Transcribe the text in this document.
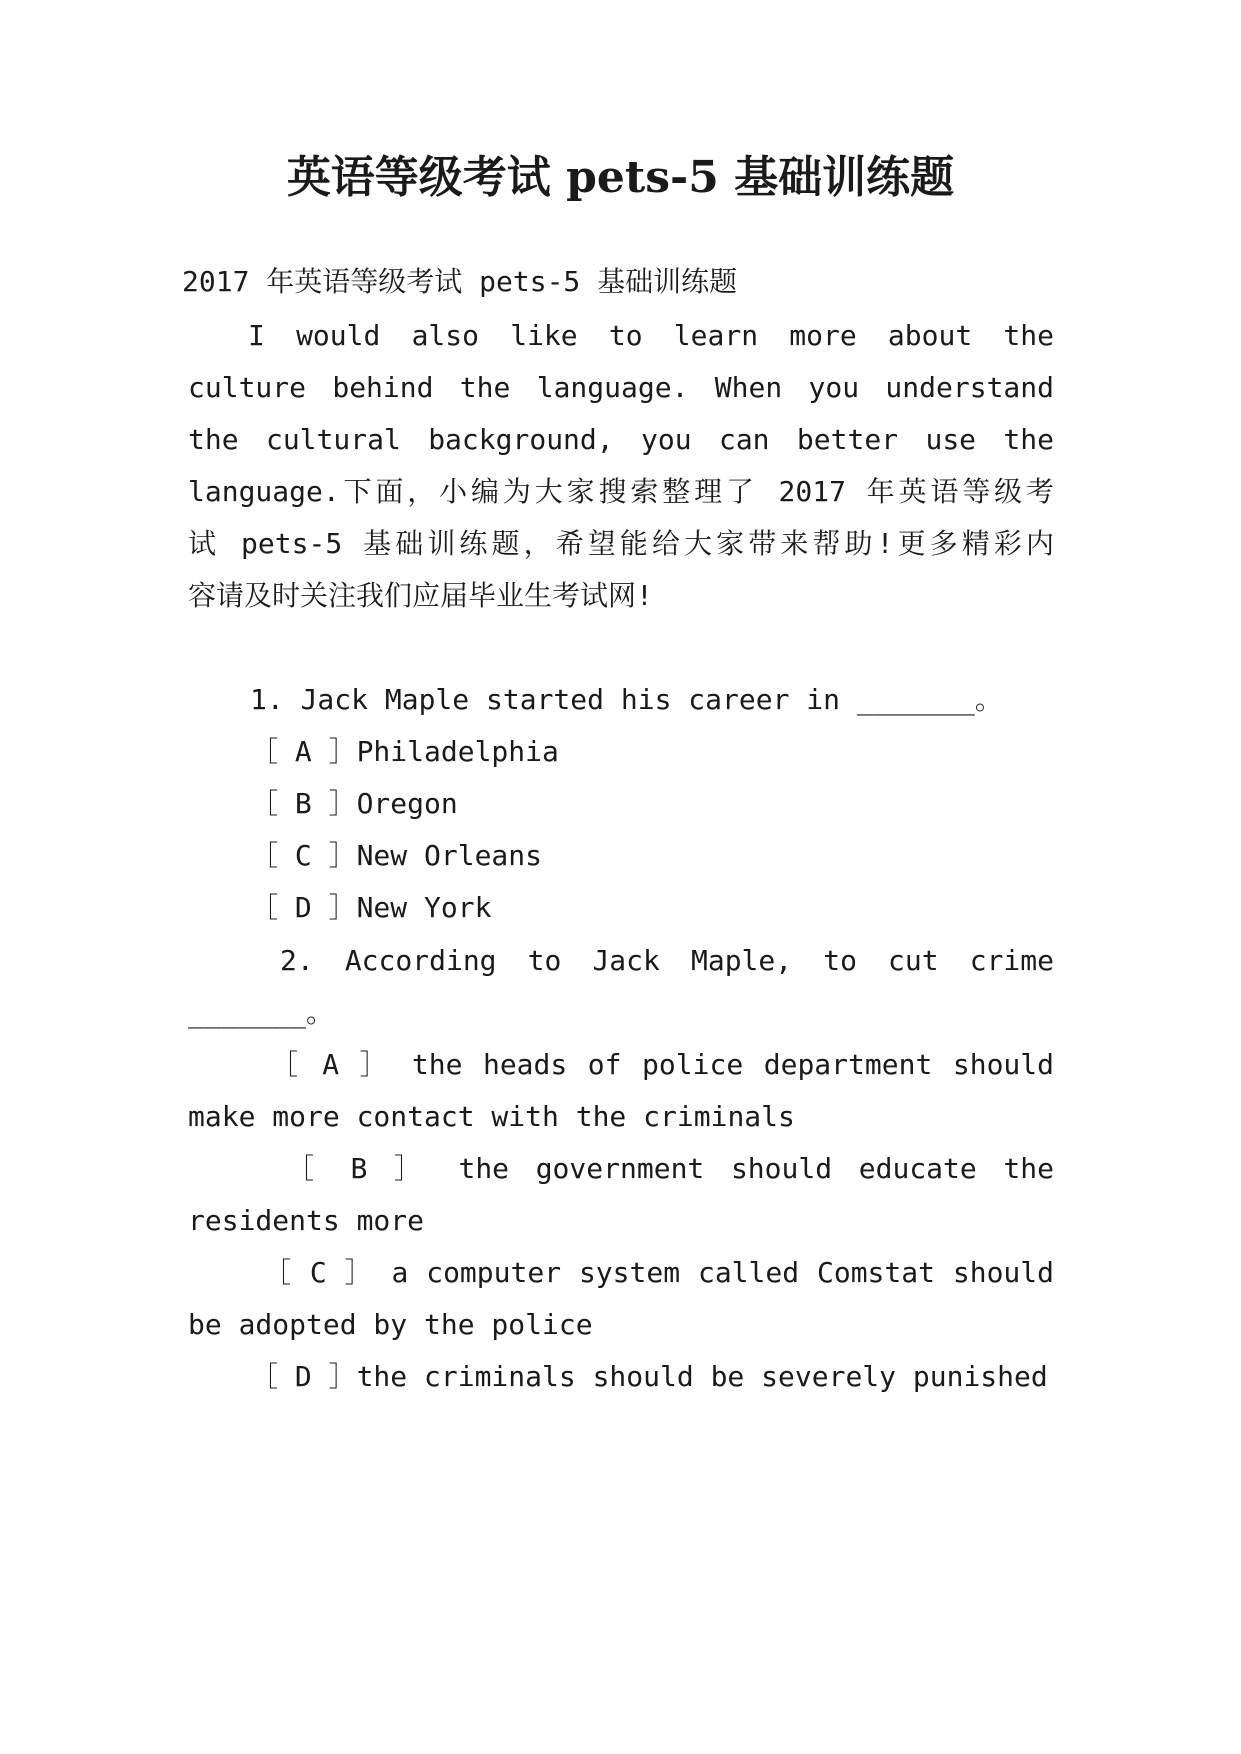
英语等级考试 pets-5 基础训练题
2017 年英语等级考试 pets-5 基础训练题
I would also like to learn more about the
culture behind the language. When you understand
the cultural background, you can better use the
language.下面，小编为大家搜索整理了 2017 年英语等级考
试 pets-5 基础训练题，希望能给大家带来帮助!更多精彩内
容请及时关注我们应届毕业生考试网!
1. Jack Maple started his career in _______。
［ A ］Philadelphia
［ B ］Oregon
［ C ］New Orleans
［ D ］New York
2. According to Jack Maple, to cut crime
_______。
［ A ］ the heads of police department should
make more contact with the criminals
［ B ］ the government should educate the
residents more
［ C ］ a computer system called Comstat should
be adopted by the police
［ D ］the criminals should be severely punished
